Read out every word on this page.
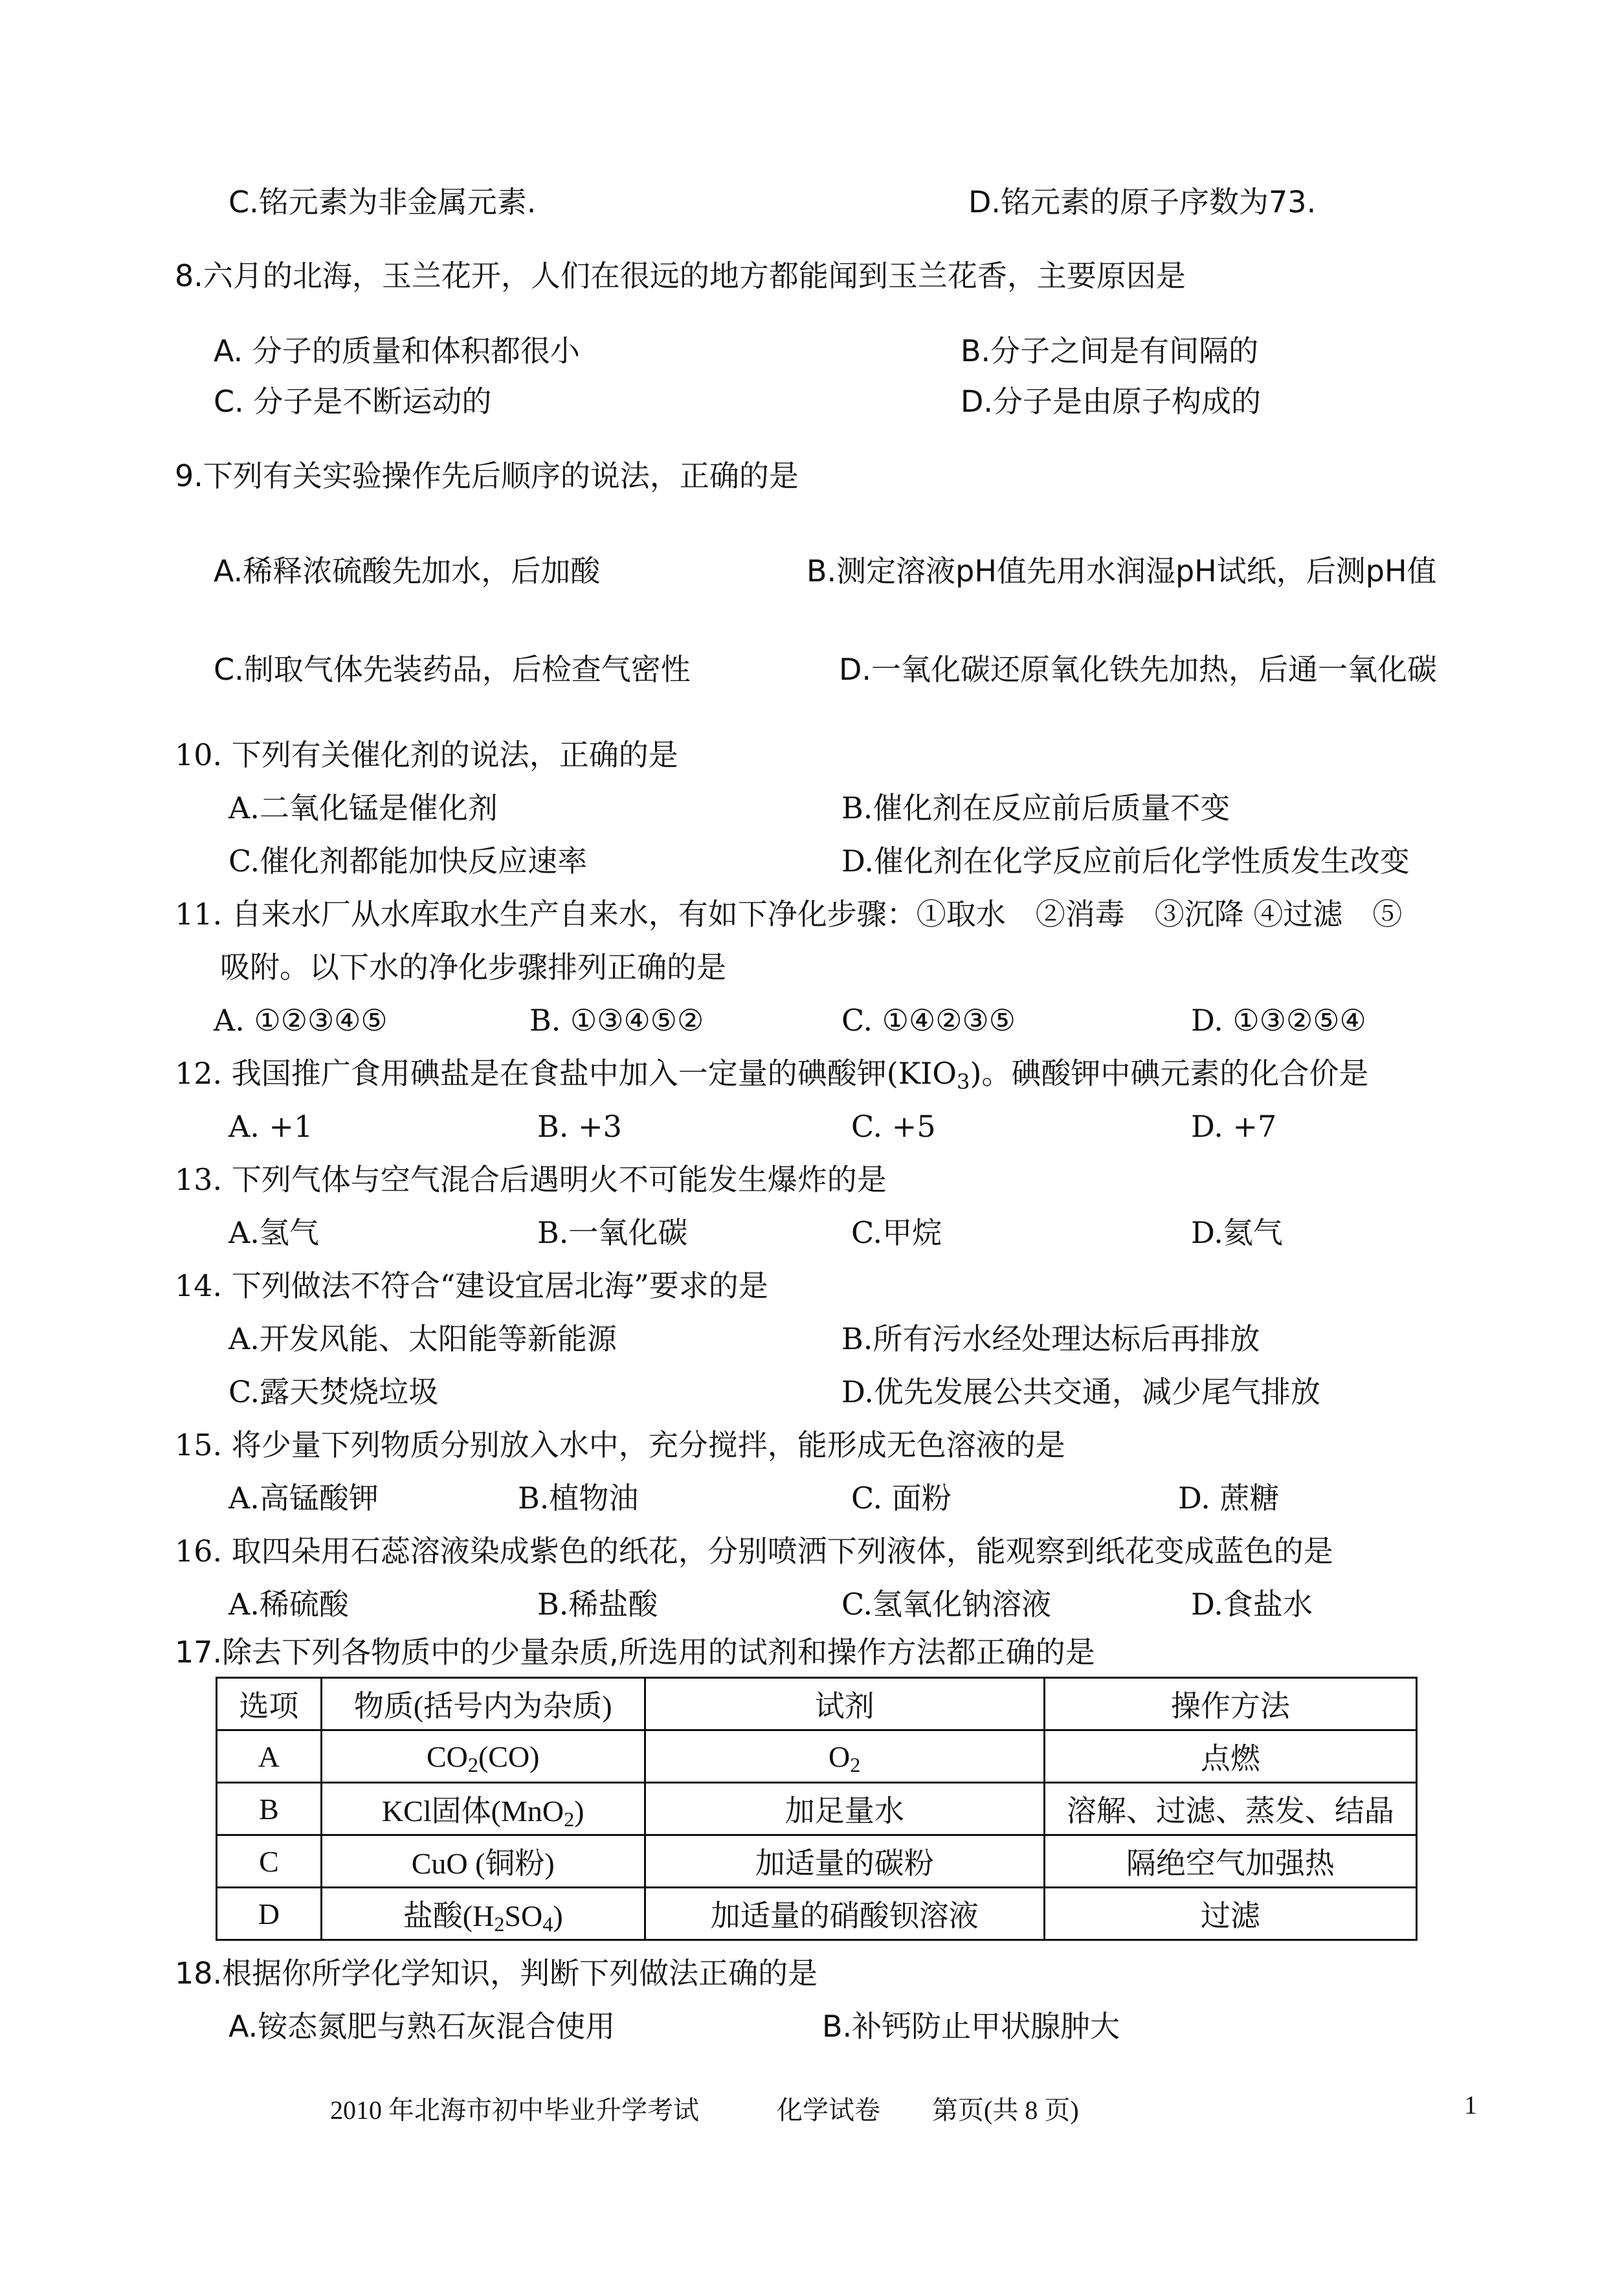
C.铭元素为非金属元素.	D.铭元素的原子序数为73.
8.六月的北海，玉兰花开，人们在很远的地方都能闻到玉兰花香，主要原因是
A. 分子的质量和体积都很小	B.分子之间是有间隔的
C. 分子是不断运动的	D.分子是由原子构成的
9.下列有关实验操作先后顺序的说法，正确的是
A.稀释浓硫酸先加水，后加酸	B.测定溶液pH值先用水润湿pH试纸，后测pH值
C.制取气体先装药品，后检查气密性	D.一氧化碳还原氧化铁先加热，后通一氧化碳
10. 下列有关催化剂的说法，正确的是
A.二氧化锰是催化剂	B.催化剂在反应前后质量不变
C.催化剂都能加快反应速率	D.催化剂在化学反应前后化学性质发生改变
11. 自来水厂从水库取水生产自来水，有如下净化步骤：①取水　②消毒　③沉降 ④过滤　⑤
吸附。以下水的净化步骤排列正确的是
A. ①②③④⑤	B. ①③④⑤②	C. ①④②③⑤	D. ①③②⑤④
12. 我国推广食用碘盐是在食盐中加入一定量的碘酸钾$(KIO_3)$。碘酸钾中碘元素的化合价是
A. +1	B. +3	C. +5	D. +7
13. 下列气体与空气混合后遇明火不可能发生爆炸的是
A.氢气	B.一氧化碳	C.甲烷	D.氦气
14. 下列做法不符合“建设宜居北海”要求的是
A.开发风能、太阳能等新能源	B.所有污水经处理达标后再排放
C.露天焚烧垃圾	D.优先发展公共交通，减少尾气排放
15. 将少量下列物质分别放入水中，充分搅拌，能形成无色溶液的是
A.高锰酸钾	B.植物油	C. 面粉	D. 蔗糖
16. 取四朵用石蕊溶液染成紫色的纸花，分别喷洒下列液体，能观察到纸花变成蓝色的是
A.稀硫酸	B.稀盐酸	C.氢氧化钠溶液	D.食盐水
17.除去下列各物质中的少量杂质,所选用的试剂和操作方法都正确的是
选项	物质(括号内为杂质)	试剂	操作方法
A	$CO_2(CO)$	$O_2$	点燃
B	KCl固体(MnO$_2$)	加足量水	溶解、过滤、蒸发、结晶
C	CuO (铜粉)	加适量的碳粉	隔绝空气加强热
D	盐酸$(H_2SO_4)$	加适量的硝酸钡溶液	过滤
18.根据你所学化学知识，判断下列做法正确的是
A.铵态氮肥与熟石灰混合使用	B.补钙防止甲状腺肿大
2010 年北海市初中毕业升学考试　　　化学试卷　　第页(共 8 页)	1
